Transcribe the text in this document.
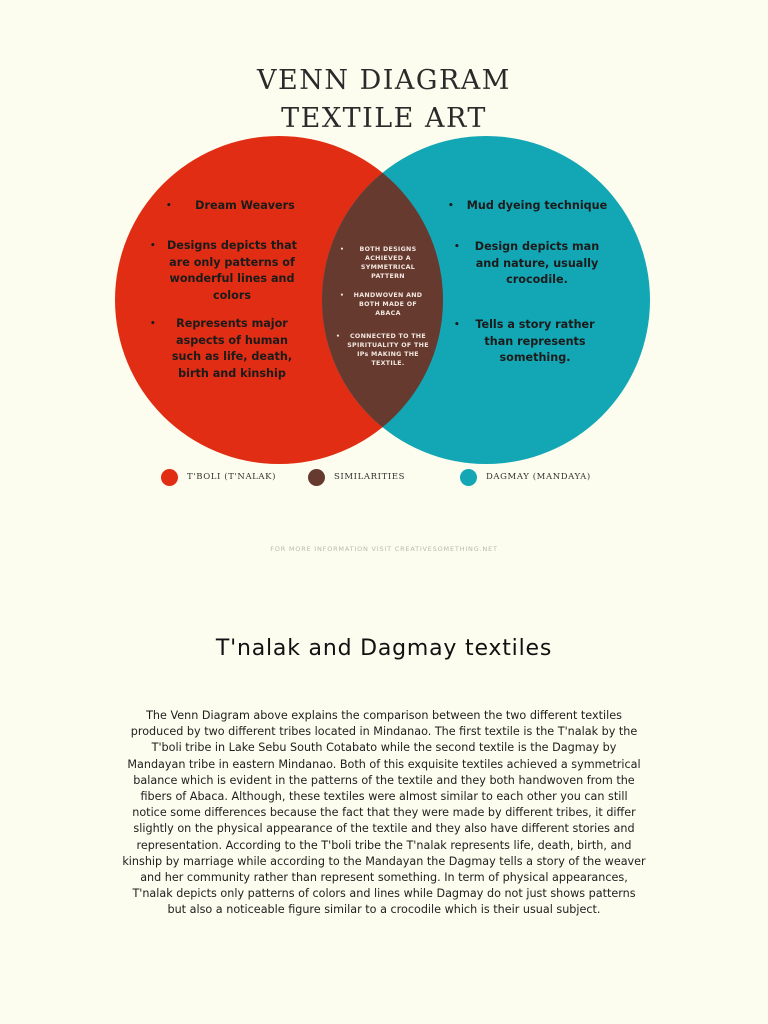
VENN DIAGRAM
TEXTILE ART
•	Dream Weavers
• Designs depicts that are only patterns of wonderful lines and colors
•	Represents major aspects of human such as life, death, birth and kinship
•	BOTH DESIGNS ACHIEVED A SYMMETRICAL PATTERN
•	HANDWOVEN AND BOTH MADE OF ABACA
•	CONNECTED TO THE SPIRITUALITY OF THE IPs MAKING THE TEXTILE.
•	Mud dyeing technique
•	Design depicts man and nature, usually crocodile.
•	Tells a story rather than represents something.
T'BOLI (T'NALAK)	SIMILARITIES	DAGMAY (MANDAYA)
FOR MORE INFORMATION VISIT CREATIVESOMETHING.NET
T'nalak and Dagmay textiles
The Venn Diagram above explains the comparison between the two different textiles produced by two different tribes located in Mindanao. The first textile is the T'nalak by the T'boli tribe in Lake Sebu South Cotabato while the second textile is the Dagmay by Mandayan tribe in eastern Mindanao. Both of this exquisite textiles achieved a symmetrical balance which is evident in the patterns of the textile and they both handwoven from the fibers of Abaca. Although, these textiles were almost similar to each other you can still notice some differences because the fact that they were made by different tribes, it differ slightly on the physical appearance of the textile and they also have different stories and representation. According to the T'boli tribe the T'nalak represents life, death, birth, and kinship by marriage while according to the Mandayan the Dagmay tells a story of the weaver and her community rather than represent something. In term of physical appearances, T'nalak depicts only patterns of colors and lines while Dagmay do not just shows patterns but also a noticeable figure similar to a crocodile which is their usual subject.
